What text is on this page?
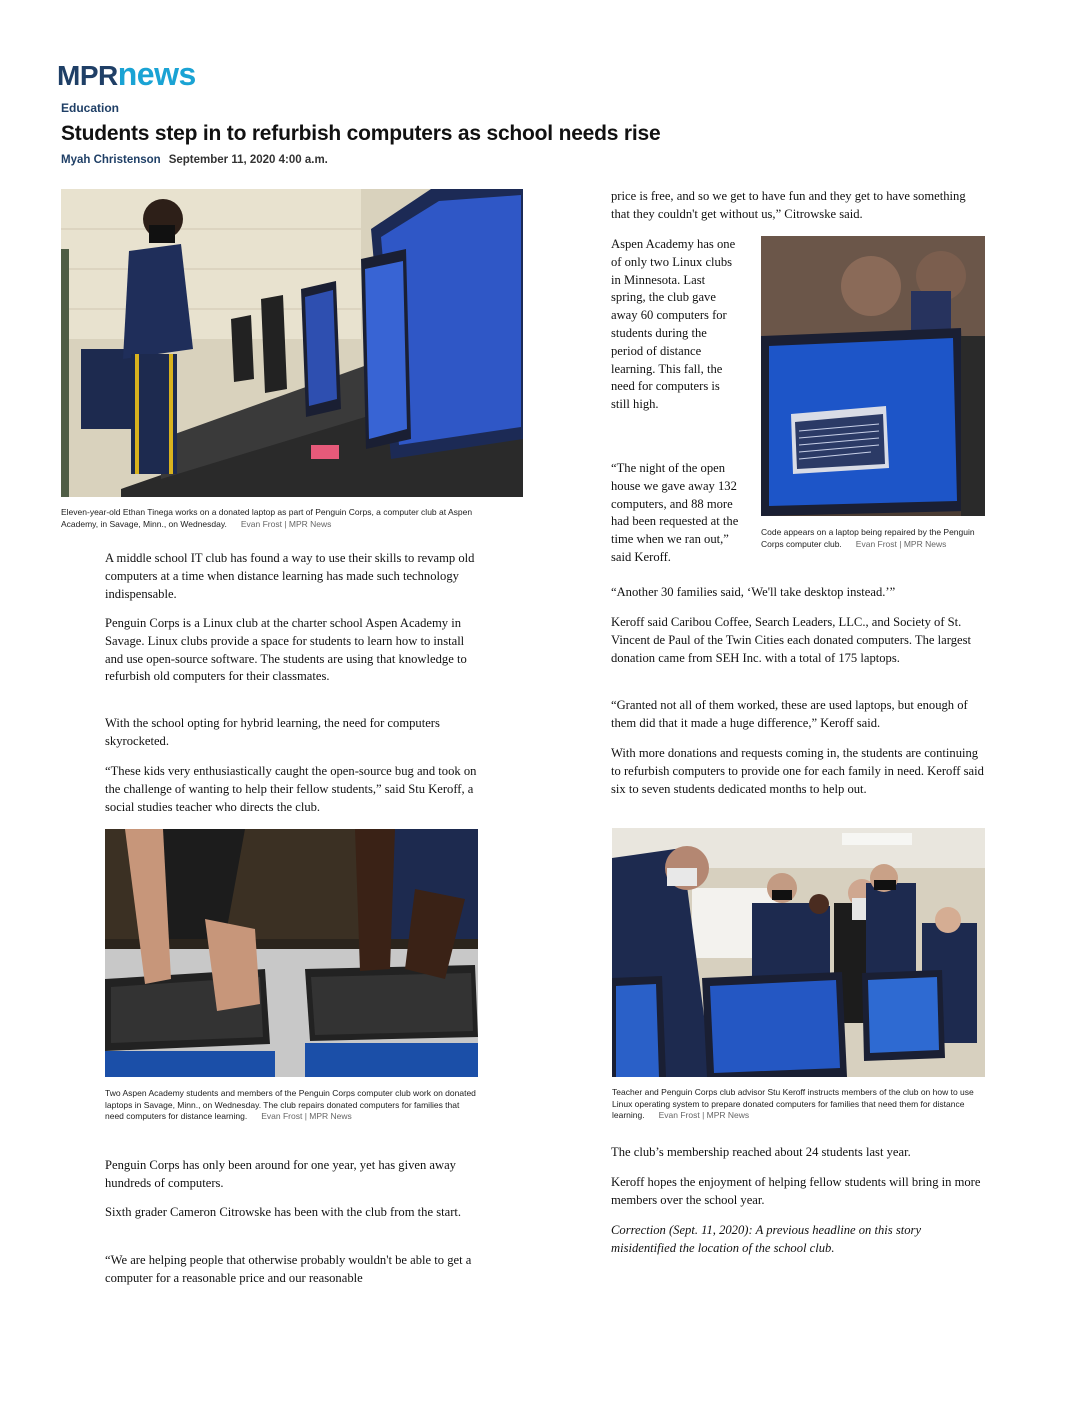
MPRnews
Education
Students step in to refurbish computers as school needs rise
Myah Christenson September 11, 2020 4:00 a.m.
Eleven-year-old Ethan Tinega works on a donated laptop as part of Penguin Corps, a computer club at Aspen Academy, in Savage, Minn., on Wednesday. Evan Frost | MPR News
A middle school IT club has found a way to use their skills to revamp old computers at a time when distance learning has made such technology indispensable.
Penguin Corps is a Linux club at the charter school Aspen Academy in Savage. Linux clubs provide a space for students to learn how to install and use open-source software. The students are using that knowledge to refurbish old computers for their classmates.
With the school opting for hybrid learning, the need for computers skyrocketed.
“These kids very enthusiastically caught the open-source bug and took on the challenge of wanting to help their fellow students,” said Stu Keroff, a social studies teacher who directs the club.
Two Aspen Academy students and members of the Penguin Corps computer club work on donated laptops in Savage, Minn., on Wednesday. The club repairs donated computers for families that need computers for distance learning. Evan Frost | MPR News
Penguin Corps has only been around for one year, yet has given away hundreds of computers.
Sixth grader Cameron Citrowske has been with the club from the start.
“We are helping people that otherwise probably wouldn't be able to get a computer for a reasonable price and our reasonable
price is free, and so we get to have fun and they get to have something that they couldn't get without us,” Citrowske said.
Aspen Academy has one of only two Linux clubs in Minnesota. Last spring, the club gave away 60 computers for students during the period of distance learning. This fall, the need for computers is still high.
“The night of the open house we gave away 132 computers, and 88 more had been requested at the time when we ran out,” said Keroff.
“Another 30 families said, ‘We'll take desktop instead.’”
Code appears on a laptop being repaired by the Penguin Corps computer club. Evan Frost | MPR News
Keroff said Caribou Coffee, Search Leaders, LLC., and Society of St. Vincent de Paul of the Twin Cities each donated computers. The largest donation came from SEH Inc. with a total of 175 laptops.
“Granted not all of them worked, these are used laptops, but enough of them did that it made a huge difference,” Keroff said.
With more donations and requests coming in, the students are continuing to refurbish computers to provide one for each family in need. Keroff said six to seven students dedicated months to help out.
Teacher and Penguin Corps club advisor Stu Keroff instructs members of the club on how to use Linux operating system to prepare donated computers for families that need them for distance learning. Evan Frost | MPR News
The club’s membership reached about 24 students last year.
Keroff hopes the enjoyment of helping fellow students will bring in more members over the school year.
Correction (Sept. 11, 2020): A previous headline on this story misidentified the location of the school club.
